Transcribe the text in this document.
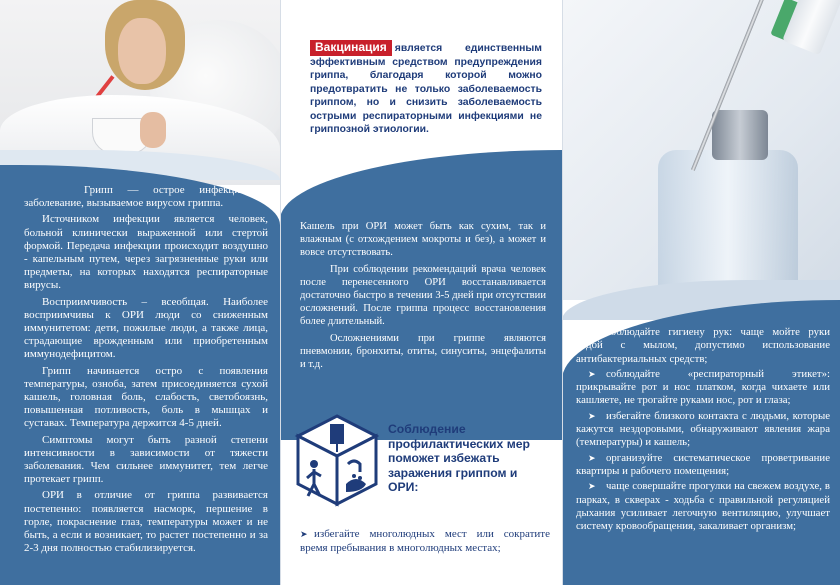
Грипп — острое инфекционное заболевание, вызываемое вирусом гриппа.

Источником инфекции является человек, больной клинически выраженной или стертой формой. Передача инфекции происходит воздушно - капельным путем, через загрязненные руки или предметы, на которых находятся респираторные вирусы.

Восприимчивость – всеобщая. Наиболее восприимчивы к ОРИ люди со сниженным иммунитетом: дети, пожилые люди, а также лица, страдающие врожденным или приобретенным иммунодефицитом.

Грипп начинается остро с появления температуры, озноба, затем присоединяется сухой кашель, головная боль, слабость, светобоязнь, повышенная потливость, боль в мышцах и суставах. Температура держится 4-5 дней.

Симптомы могут быть разной степени интенсивности в зависимости от тяжести заболевания. Чем сильнее иммунитет, тем легче протекает грипп.

ОРИ в отличие от гриппа развивается постепенно: появляется насморк, першение в горле, покраснение глаз, температуры может и не быть, а если и возникает, то растет постепенно и за 2-3 дня полностью стабилизируется.

Вакцинация является единственным эффективным средством предупреждения гриппа, благодаря которой можно предотвратить не только заболеваемость гриппом, но и снизить заболеваемость острыми респираторными инфекциями не гриппозной этиологии.

Кашель при ОРИ может быть как сухим, так и влажным (с отхождением мокроты и без), а может и вовсе отсутствовать.

При соблюдении рекомендаций врача человек после перенесенного ОРИ восстанавливается достаточно быстро в течении 3-5 дней при отсутствии осложнений. После гриппа процесс восстановления более длительный.

Осложнениями при гриппе являются пневмонии, бронхиты, отиты, синуситы, энцефалиты и т.д.

Соблюдение профилактических мер поможет избежать заражения гриппом и ОРИ:
➤ избегайте многолюдных мест или сократите время пребывания в многолюдных местах;

➤ соблюдайте гигиену рук: чаще мойте руки водой с мылом, допустимо использование антибактериальных средств;

➤ соблюдайте «респираторный этикет»: прикрывайте рот и нос платком, когда чихаете или кашляете, не трогайте руками нос, рот и глаза;

➤ избегайте близкого контакта с людьми, которые кажутся нездоровыми, обнаруживают явления жара (температуры) и кашель;

➤ организуйте систематическое проветривание квартиры и рабочего помещения;

➤ чаще совершайте прогулки на свежем воздухе, в парках, в скверах - ходьба с правильной регуляцией дыхания усиливает легочную вентиляцию, улучшает систему кровообращения, закаливает организм;
